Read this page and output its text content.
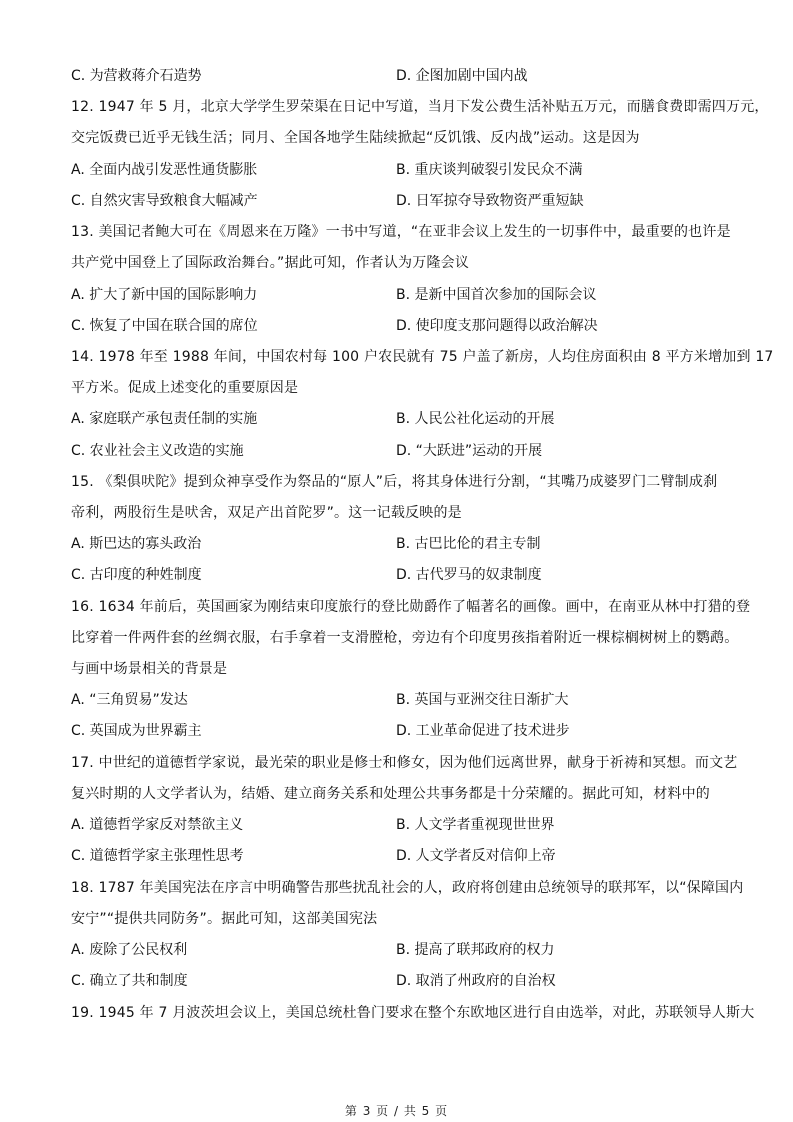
C. 为营救蒋介石造势	D. 企图加剧中国内战
12. 1947 年 5 月，北京大学学生罗荣渠在日记中写道，当月下发公费生活补贴五万元，而膳食费即需四万元，
交完饭费已近乎无钱生活；同月、全国各地学生陆续掀起“反饥饿、反内战”运动。这是因为
A. 全面内战引发恶性通货膨胀	B. 重庆谈判破裂引发民众不满
C. 自然灾害导致粮食大幅减产	D. 日军掠夺导致物资严重短缺
13. 美国记者鲍大可在《周恩来在万隆》一书中写道，“在亚非会议上发生的一切事件中，最重要的也许是
共产党中国登上了国际政治舞台。”据此可知，作者认为万隆会议
A. 扩大了新中国的国际影响力	B. 是新中国首次参加的国际会议
C. 恢复了中国在联合国的席位	D. 使印度支那问题得以政治解决
14. 1978 年至 1988 年间，中国农村每 100 户农民就有 75 户盖了新房，人均住房面积由 8 平方米增加到 17
平方米。促成上述变化的重要原因是
A. 家庭联产承包责任制的实施	B. 人民公社化运动的开展
C. 农业社会主义改造的实施	D. “大跃进”运动的开展
15. 《梨俱吠陀》提到众神享受作为祭品的“原人”后，将其身体进行分割，“其嘴乃成婆罗门二臂制成刹
帝利，两股衍生是吠舍，双足产出首陀罗”。这一记载反映的是
A. 斯巴达的寡头政治	B. 古巴比伦的君主专制
C. 古印度的种姓制度	D. 古代罗马的奴隶制度
16. 1634 年前后，英国画家为刚结束印度旅行的登比勋爵作了幅著名的画像。画中，在南亚从林中打猎的登
比穿着一件两件套的丝绸衣服，右手拿着一支滑膛枪，旁边有个印度男孩指着附近一棵棕榈树树上的鹦鹉。
与画中场景相关的背景是
A. “三角贸易”发达	B. 英国与亚洲交往日渐扩大
C. 英国成为世界霸主	D. 工业革命促进了技术进步
17. 中世纪的道德哲学家说，最光荣的职业是修士和修女，因为他们远离世界，献身于祈祷和冥想。而文艺
复兴时期的人文学者认为，结婚、建立商务关系和处理公共事务都是十分荣耀的。据此可知，材料中的
A. 道德哲学家反对禁欲主义	B. 人文学者重视现世世界
C. 道德哲学家主张理性思考	D. 人文学者反对信仰上帝
18. 1787 年美国宪法在序言中明确警告那些扰乱社会的人，政府将创建由总统领导的联邦军，以“保障国内
安宁”“提供共同防务”。据此可知，这部美国宪法
A. 废除了公民权利	B. 提高了联邦政府的权力
C. 确立了共和制度	D. 取消了州政府的自治权
19. 1945 年 7 月波茨坦会议上，美国总统杜鲁门要求在整个东欧地区进行自由选举，对此，苏联领导人斯大
第 3 页 / 共 5 页
